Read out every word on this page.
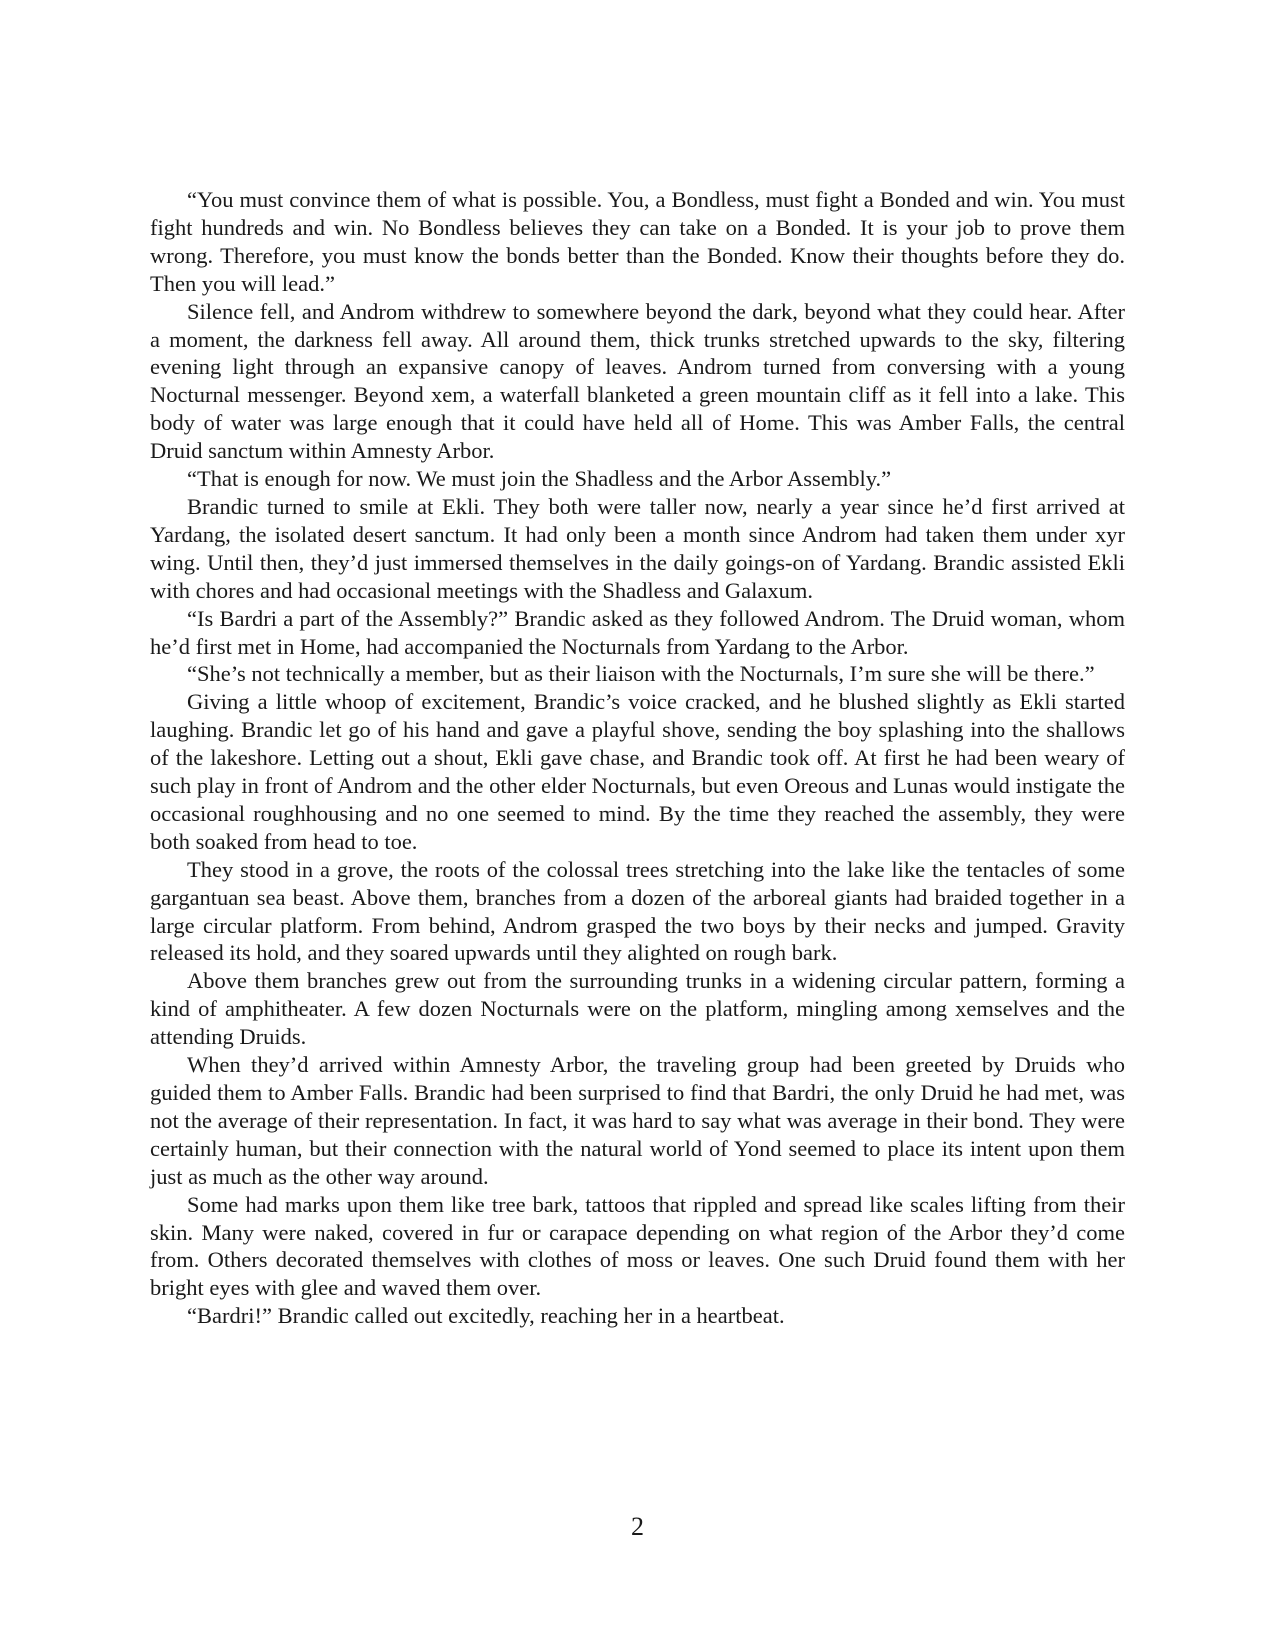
“You must convince them of what is possible. You, a Bondless, must fight a Bonded and win. You must fight hundreds and win. No Bondless believes they can take on a Bonded. It is your job to prove them wrong. Therefore, you must know the bonds better than the Bonded. Know their thoughts before they do. Then you will lead.”

Silence fell, and Androm withdrew to somewhere beyond the dark, beyond what they could hear. After a moment, the darkness fell away. All around them, thick trunks stretched upwards to the sky, filtering evening light through an expansive canopy of leaves. Androm turned from conversing with a young Nocturnal messenger. Beyond xem, a waterfall blanketed a green mountain cliff as it fell into a lake. This body of water was large enough that it could have held all of Home. This was Amber Falls, the central Druid sanctum within Amnesty Arbor.

“That is enough for now. We must join the Shadless and the Arbor Assembly.”

Brandic turned to smile at Ekli. They both were taller now, nearly a year since he’d first arrived at Yardang, the isolated desert sanctum. It had only been a month since Androm had taken them under xyr wing. Until then, they’d just immersed themselves in the daily goings-on of Yardang. Brandic assisted Ekli with chores and had occasional meetings with the Shadless and Galaxum.

“Is Bardri a part of the Assembly?” Brandic asked as they followed Androm. The Druid woman, whom he’d first met in Home, had accompanied the Nocturnals from Yardang to the Arbor.

“She’s not technically a member, but as their liaison with the Nocturnals, I’m sure she will be there.”

Giving a little whoop of excitement, Brandic’s voice cracked, and he blushed slightly as Ekli started laughing. Brandic let go of his hand and gave a playful shove, sending the boy splashing into the shallows of the lakeshore. Letting out a shout, Ekli gave chase, and Brandic took off. At first he had been weary of such play in front of Androm and the other elder Nocturnals, but even Oreous and Lunas would instigate the occasional roughhousing and no one seemed to mind. By the time they reached the assembly, they were both soaked from head to toe.

They stood in a grove, the roots of the colossal trees stretching into the lake like the tentacles of some gargantuan sea beast. Above them, branches from a dozen of the arboreal giants had braided together in a large circular platform. From behind, Androm grasped the two boys by their necks and jumped. Gravity released its hold, and they soared upwards until they alighted on rough bark.

Above them branches grew out from the surrounding trunks in a widening circular pattern, forming a kind of amphitheater. A few dozen Nocturnals were on the platform, mingling among xemselves and the attending Druids.

When they’d arrived within Amnesty Arbor, the traveling group had been greeted by Druids who guided them to Amber Falls. Brandic had been surprised to find that Bardri, the only Druid he had met, was not the average of their representation. In fact, it was hard to say what was average in their bond. They were certainly human, but their connection with the natural world of Yond seemed to place its intent upon them just as much as the other way around.

Some had marks upon them like tree bark, tattoos that rippled and spread like scales lifting from their skin. Many were naked, covered in fur or carapace depending on what region of the Arbor they’d come from. Others decorated themselves with clothes of moss or leaves. One such Druid found them with her bright eyes with glee and waved them over.

“Bardri!” Brandic called out excitedly, reaching her in a heartbeat.

2
